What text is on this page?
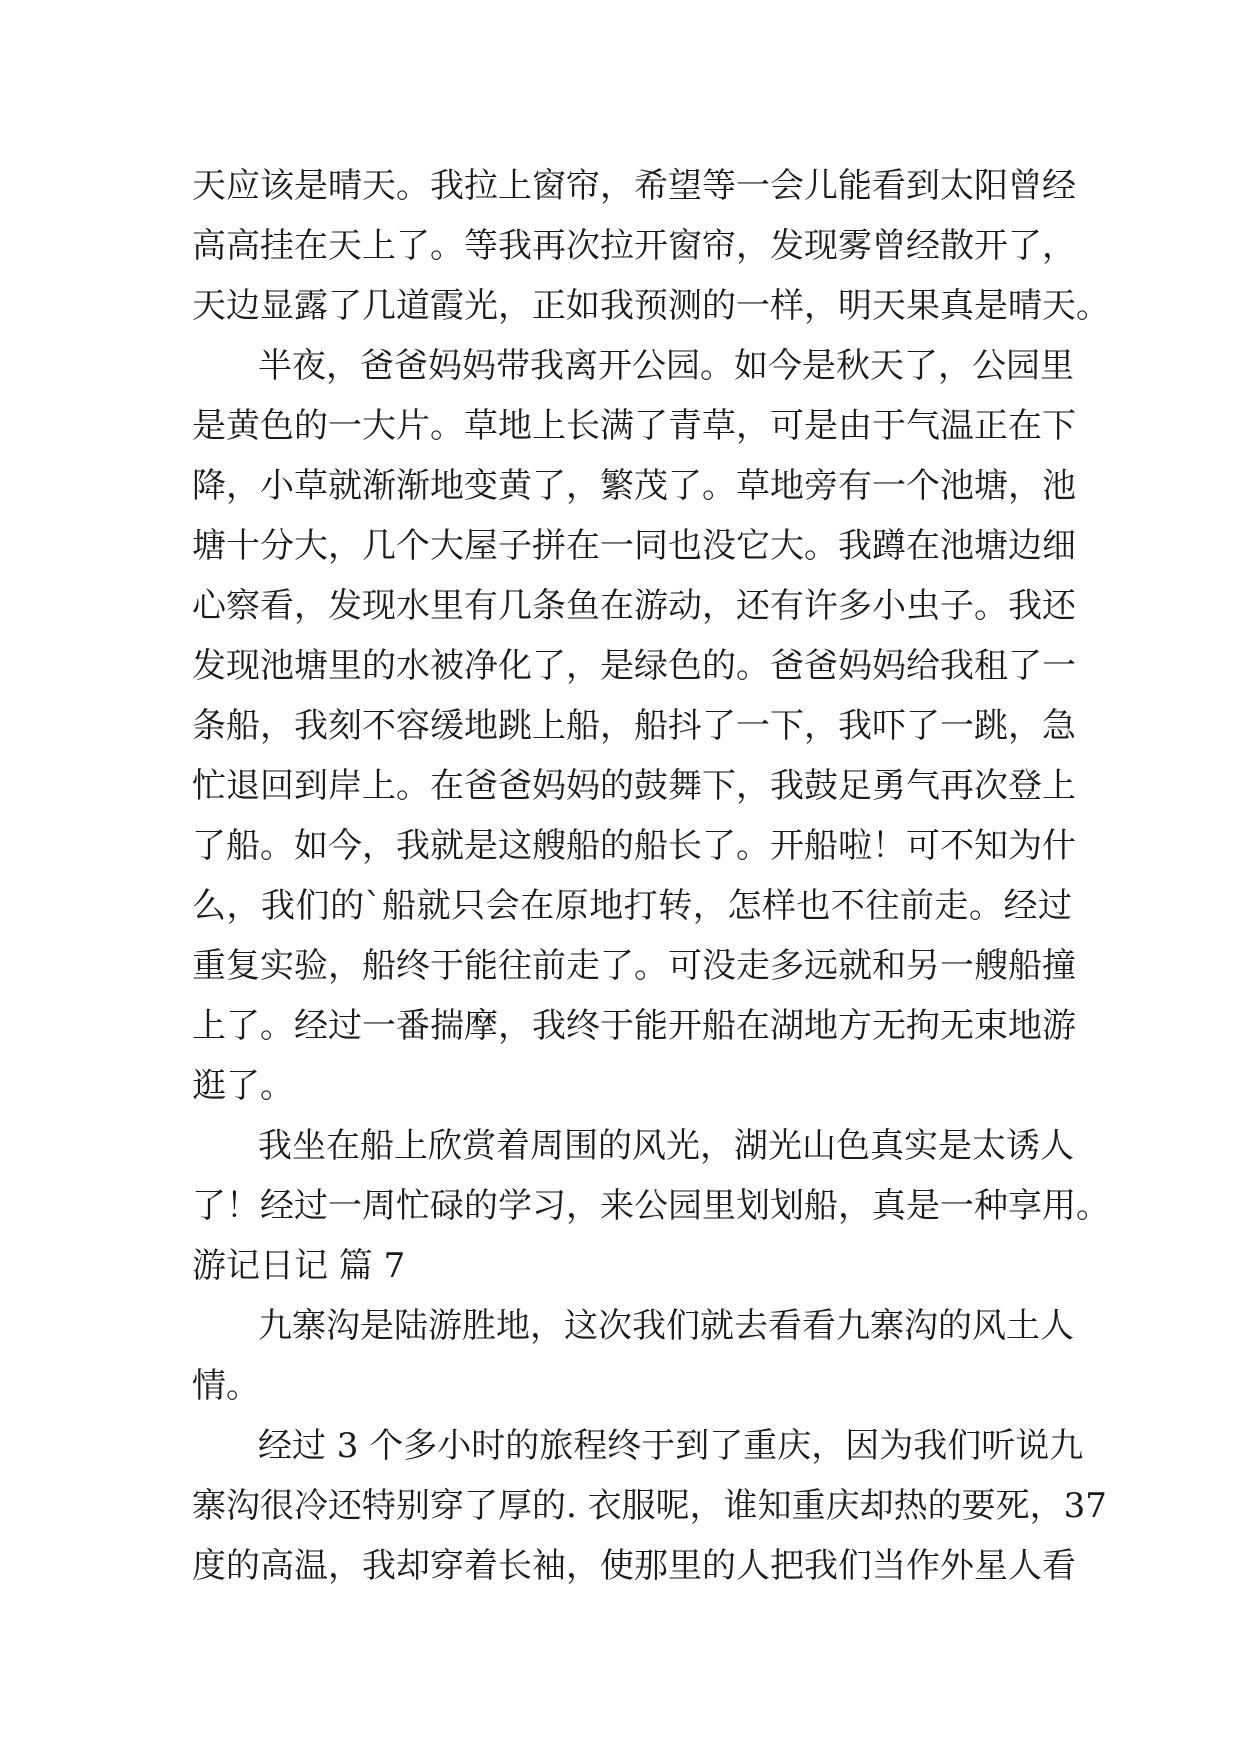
天应该是晴天。我拉上窗帘，希望等一会儿能看到太阳曾经
高高挂在天上了。等我再次拉开窗帘，发现雾曾经散开了，
天边显露了几道霞光，正如我预测的一样，明天果真是晴天。
半夜，爸爸妈妈带我离开公园。如今是秋天了，公园里
是黄色的一大片。草地上长满了青草，可是由于气温正在下
降，小草就渐渐地变黄了，繁茂了。草地旁有一个池塘，池
塘十分大，几个大屋子拼在一同也没它大。我蹲在池塘边细
心察看，发现水里有几条鱼在游动，还有许多小虫子。我还
发现池塘里的水被净化了，是绿色的。爸爸妈妈给我租了一
条船，我刻不容缓地跳上船，船抖了一下，我吓了一跳，急
忙退回到岸上。在爸爸妈妈的鼓舞下，我鼓足勇气再次登上
了船。如今，我就是这艘船的船长了。开船啦！可不知为什
么，我们的`船就只会在原地打转，怎样也不往前走。经过
重复实验，船终于能往前走了。可没走多远就和另一艘船撞
上了。经过一番揣摩，我终于能开船在湖地方无拘无束地游
逛了。
我坐在船上欣赏着周围的风光，湖光山色真实是太诱人
了！经过一周忙碌的学习，来公园里划划船，真是一种享用。
游记日记 篇 7
九寨沟是陆游胜地，这次我们就去看看九寨沟的风土人
情。
经过 3 个多小时的旅程终于到了重庆，因为我们听说九
寨沟很冷还特别穿了厚的. 衣服呢，谁知重庆却热的要死，37
度的高温，我却穿着长袖，使那里的人把我们当作外星人看
